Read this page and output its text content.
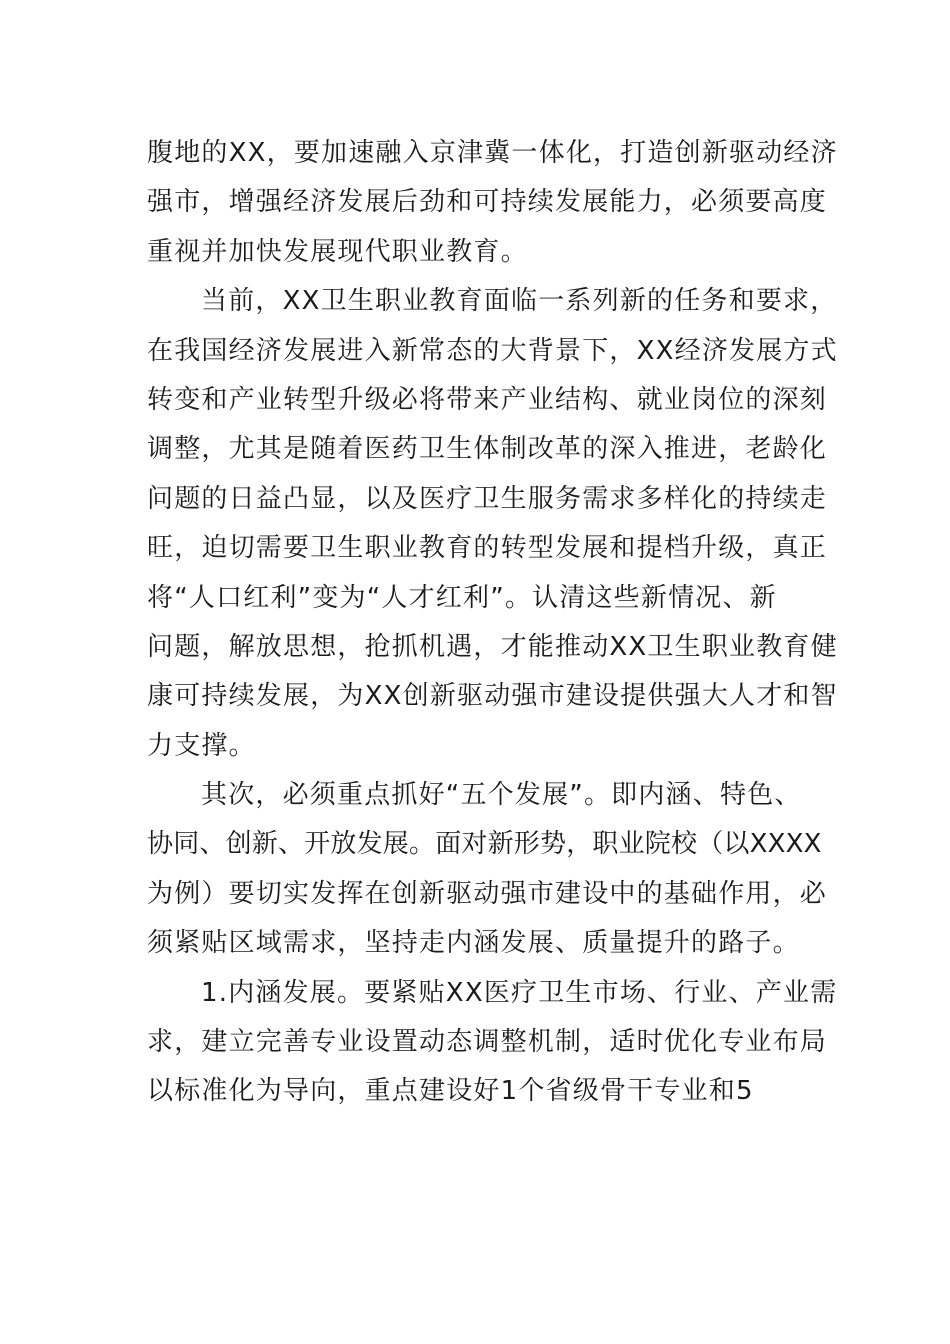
腹地的XX，要加速融入京津冀一体化，打造创新驱动经济
强市，增强经济发展后劲和可持续发展能力，必须要高度
重视并加快发展现代职业教育。
当前，XX卫生职业教育面临一系列新的任务和要求，
在我国经济发展进入新常态的大背景下，XX经济发展方式
转变和产业转型升级必将带来产业结构、就业岗位的深刻
调整，尤其是随着医药卫生体制改革的深入推进，老龄化
问题的日益凸显，以及医疗卫生服务需求多样化的持续走
旺，迫切需要卫生职业教育的转型发展和提档升级，真正
将“人口红利”变为“人才红利”。认清这些新情况、新
问题，解放思想，抢抓机遇，才能推动XX卫生职业教育健
康可持续发展，为XX创新驱动强市建设提供强大人才和智
力支撑。
其次，必须重点抓好“五个发展”。即内涵、特色、
协同、创新、开放发展。面对新形势，职业院校（以XXXX
为例）要切实发挥在创新驱动强市建设中的基础作用，必
须紧贴区域需求，坚持走内涵发展、质量提升的路子。
1.内涵发展。要紧贴XX医疗卫生市场、行业、产业需
求，建立完善专业设置动态调整机制，适时优化专业布局
以标准化为导向，重点建设好1个省级骨干专业和5
